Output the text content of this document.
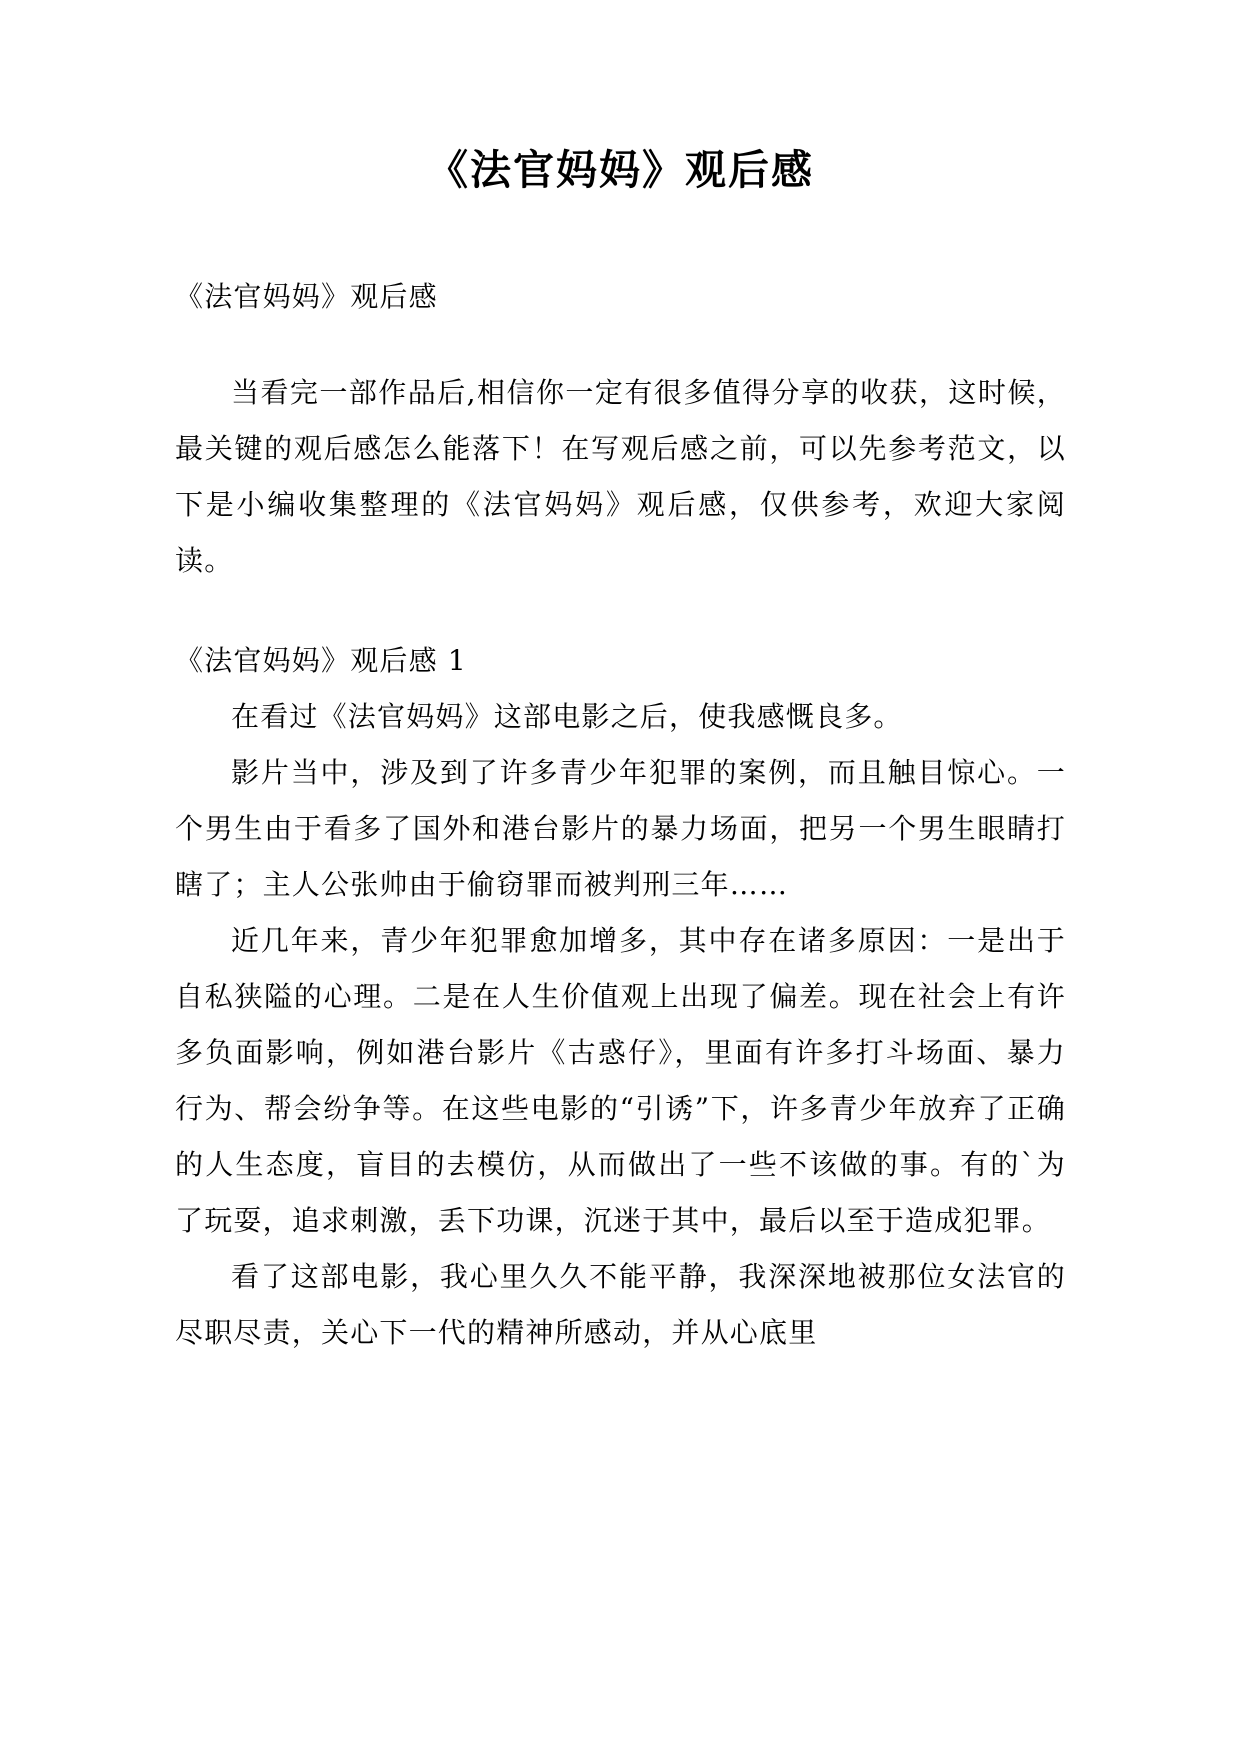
《法官妈妈》观后感

《法官妈妈》观后感

当看完一部作品后,相信你一定有很多值得分享的收获，这时候，最关键的观后感怎么能落下！在写观后感之前，可以先参考范文，以下是小编收集整理的《法官妈妈》观后感，仅供参考，欢迎大家阅读。

《法官妈妈》观后感 1

在看过《法官妈妈》这部电影之后，使我感慨良多。

影片当中，涉及到了许多青少年犯罪的案例，而且触目惊心。一个男生由于看多了国外和港台影片的暴力场面，把另一个男生眼睛打瞎了；主人公张帅由于偷窃罪而被判刑三年……

近几年来，青少年犯罪愈加增多，其中存在诸多原因：一是出于自私狭隘的心理。二是在人生价值观上出现了偏差。现在社会上有许多负面影响，例如港台影片《古惑仔》，里面有许多打斗场面、暴力行为、帮会纷争等。在这些电影的“引诱”下，许多青少年放弃了正确的人生态度，盲目的去模仿，从而做出了一些不该做的事。有的`为了玩耍，追求刺激，丢下功课，沉迷于其中，最后以至于造成犯罪。

看了这部电影，我心里久久不能平静，我深深地被那位女法官的尽职尽责，关心下一代的精神所感动，并从心底里
